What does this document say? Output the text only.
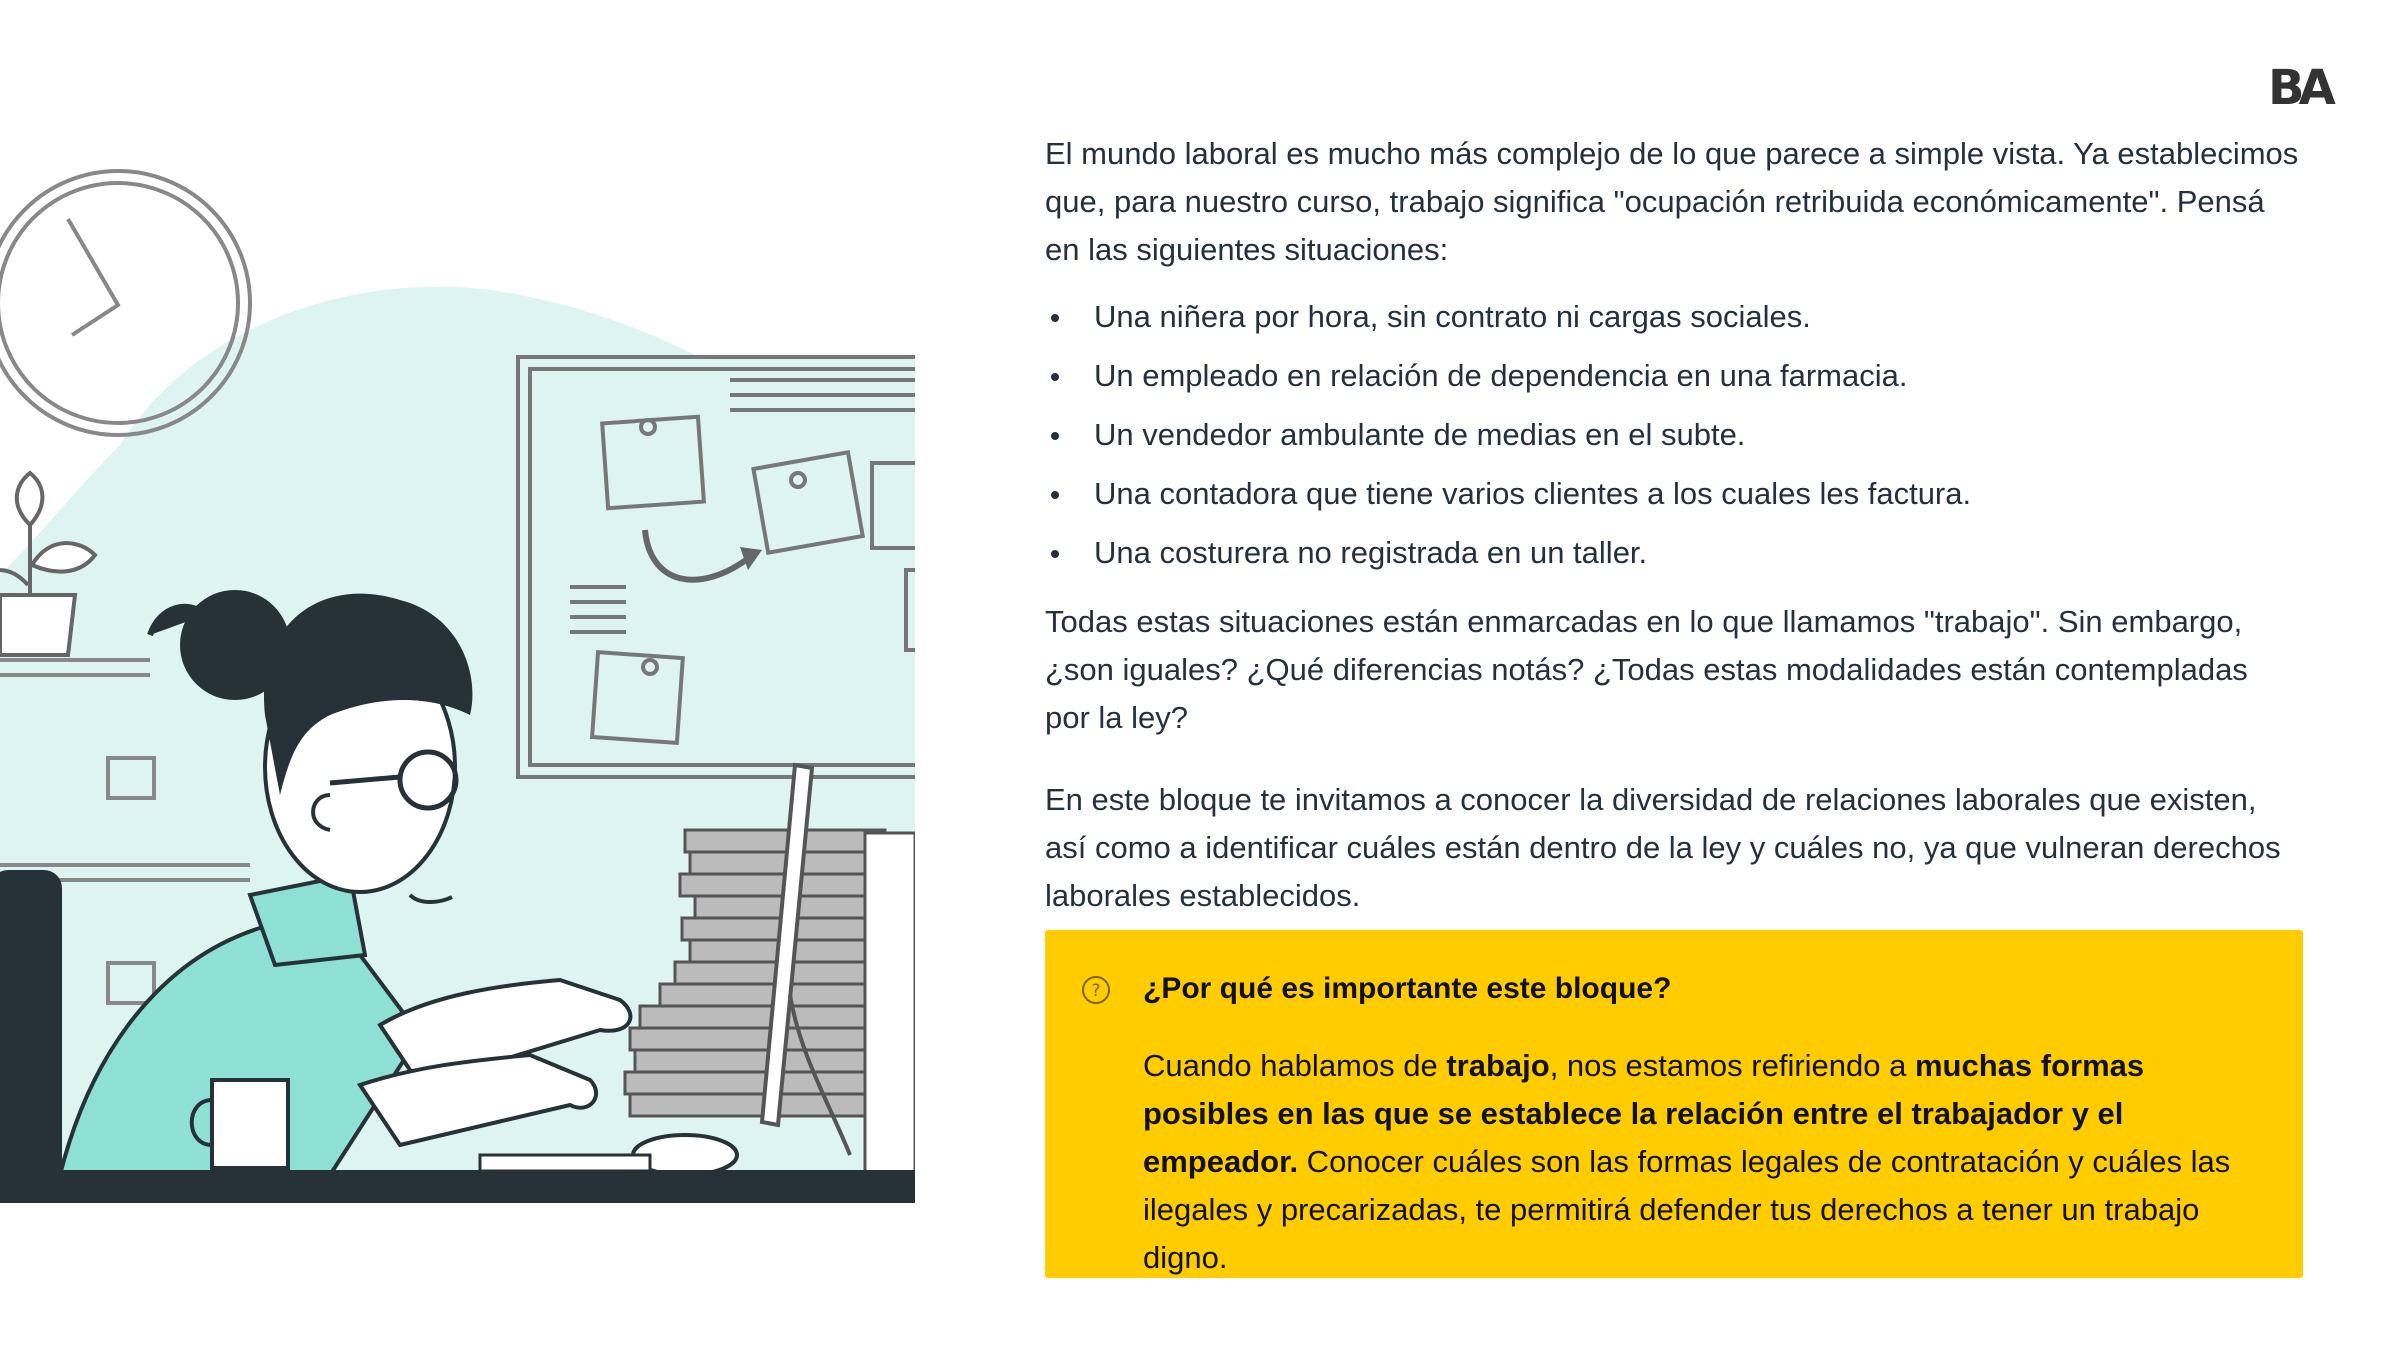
BA

El mundo laboral es mucho más complejo de lo que parece a simple vista. Ya establecimos que, para nuestro curso, trabajo significa "ocupación retribuida económicamente". Pensá en las siguientes situaciones:

Una niñera por hora, sin contrato ni cargas sociales.
Un empleado en relación de dependencia en una farmacia.
Un vendedor ambulante de medias en el subte.
Una contadora que tiene varios clientes a los cuales les factura.
Una costurera no registrada en un taller.

Todas estas situaciones están enmarcadas en lo que llamamos "trabajo". Sin embargo, ¿son iguales? ¿Qué diferencias notás? ¿Todas estas modalidades están contempladas por la ley?

En este bloque te invitamos a conocer la diversidad de relaciones laborales que existen, así como a identificar cuáles están dentro de la ley y cuáles no, ya que vulneran derechos laborales establecidos.

? ¿Por qué es importante este bloque?
Cuando hablamos de trabajo, nos estamos refiriendo a muchas formas posibles en las que se establece la relación entre el trabajador y el empeador. Conocer cuáles son las formas legales de contratación y cuáles las ilegales y precarizadas, te permitirá defender tus derechos a tener un trabajo digno.
